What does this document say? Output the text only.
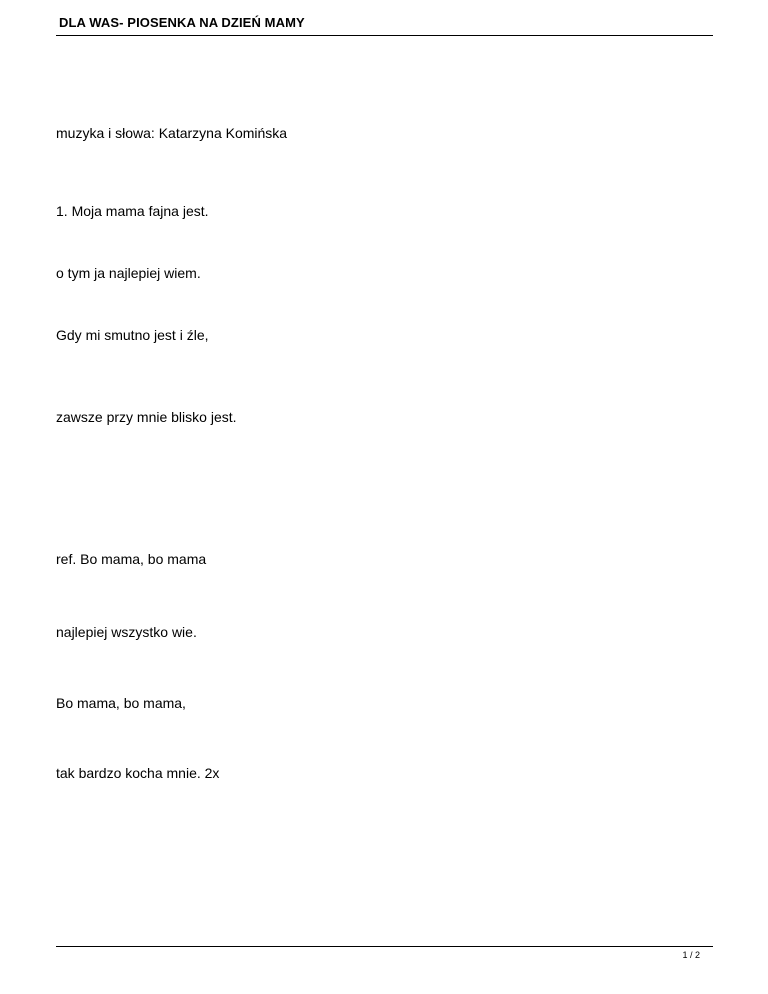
DLA WAS- PIOSENKA NA DZIEŃ MAMY
muzyka i słowa: Katarzyna Komińska
1. Moja mama fajna jest.
o tym ja najlepiej wiem.
Gdy mi smutno jest i źle,
zawsze przy mnie blisko jest.
ref. Bo mama, bo mama
najlepiej wszystko wie.
Bo mama, bo mama,
tak bardzo kocha mnie. 2x
1 / 2
